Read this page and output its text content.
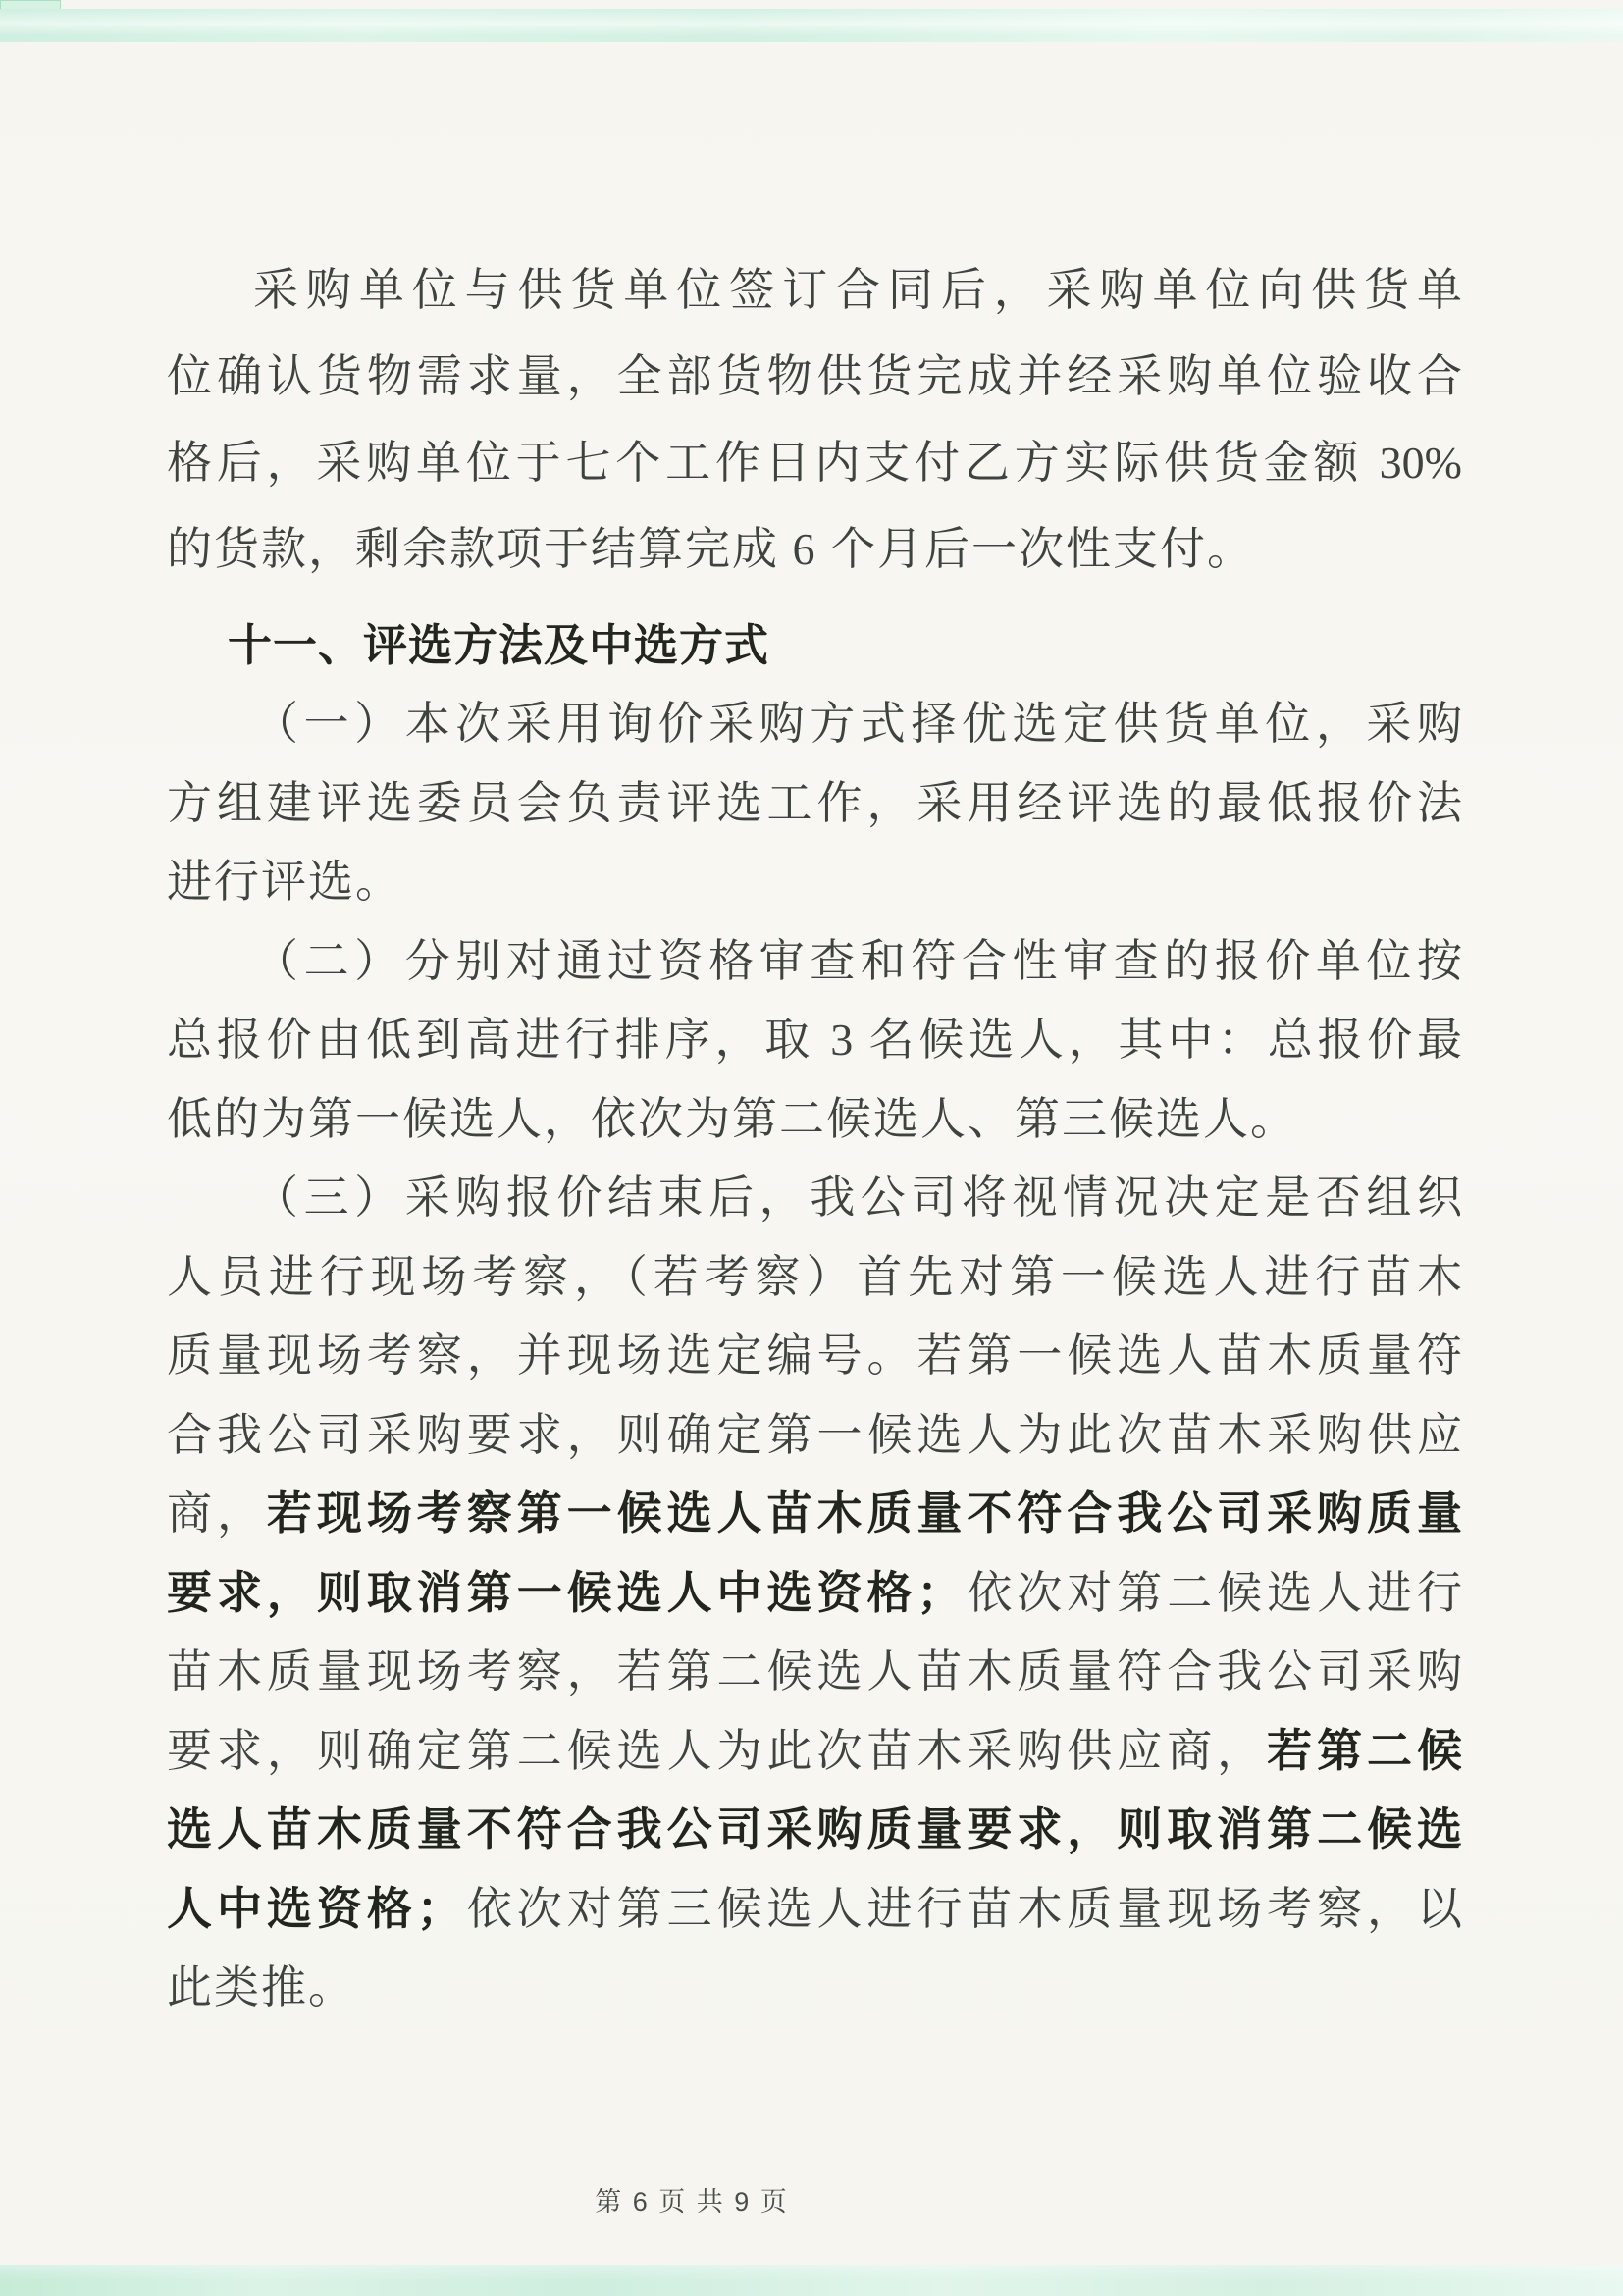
采购单位与供货单位签订合同后，采购单位向供货单
位确认货物需求量，全部货物供货完成并经采购单位验收合
格后，采购单位于七个工作日内支付乙方实际供货金额 30%
的货款，剩余款项于结算完成 6 个月后一次性支付。
十一、评选方法及中选方式
（一）本次采用询价采购方式择优选定供货单位，采购
方组建评选委员会负责评选工作，采用经评选的最低报价法
进行评选。
（二）分别对通过资格审查和符合性审查的报价单位按
总报价由低到高进行排序，取 3 名候选人，其中：总报价最
低的为第一候选人，依次为第二候选人、第三候选人。
（三）采购报价结束后，我公司将视情况决定是否组织
人员进行现场考察，（若考察）首先对第一候选人进行苗木
质量现场考察，并现场选定编号。若第一候选人苗木质量符
合我公司采购要求，则确定第一候选人为此次苗木采购供应
商，若现场考察第一候选人苗木质量不符合我公司采购质量
要求，则取消第一候选人中选资格；依次对第二候选人进行
苗木质量现场考察，若第二候选人苗木质量符合我公司采购
要求，则确定第二候选人为此次苗木采购供应商，若第二候
选人苗木质量不符合我公司采购质量要求，则取消第二候选
人中选资格；依次对第三候选人进行苗木质量现场考察，以
此类推。
第 6 页 共 9 页
